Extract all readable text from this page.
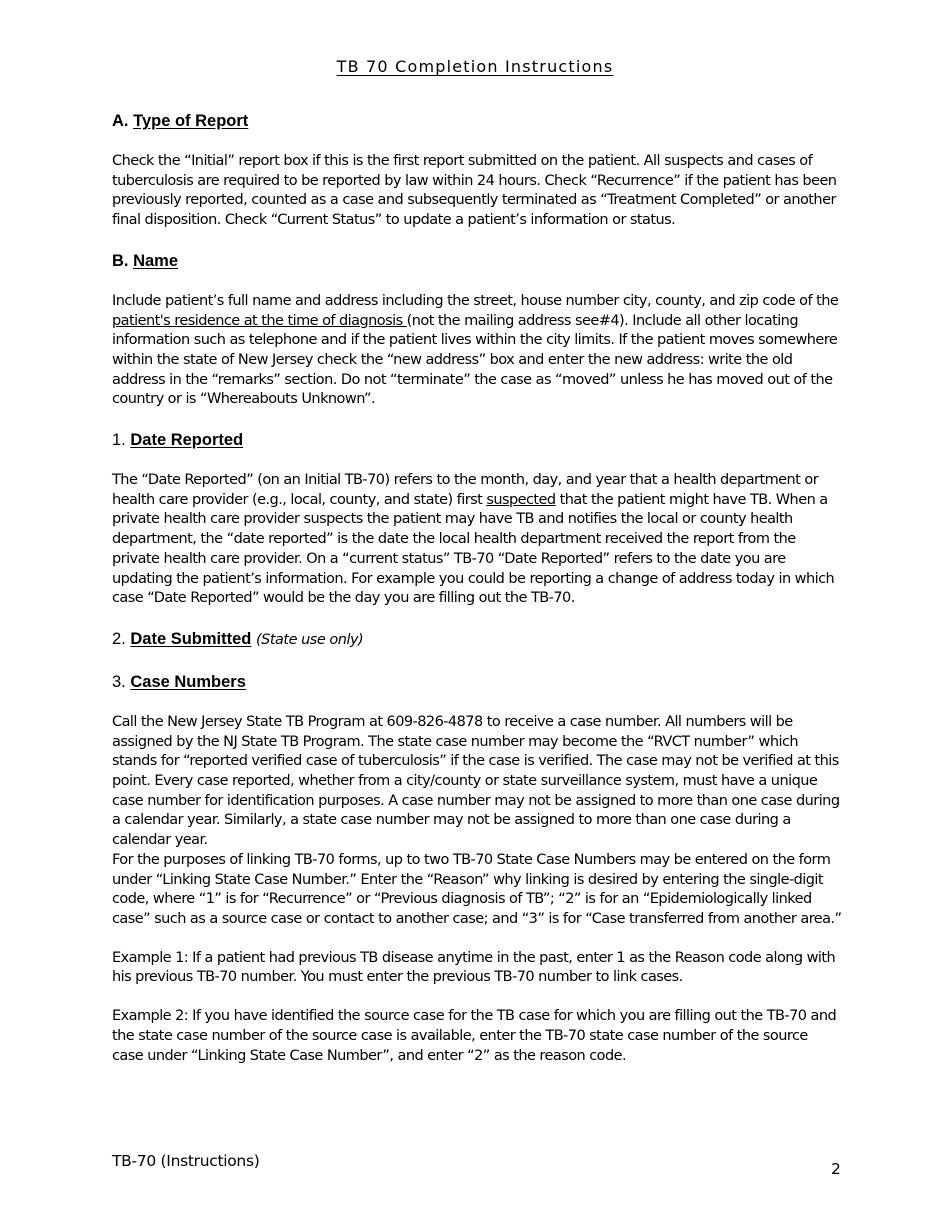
TB 70 Completion Instructions
A. Type of Report

Check the “Initial” report box if this is the first report submitted on the patient. All suspects and cases of tuberculosis are required to be reported by law within 24 hours. Check “Recurrence” if the patient has been previously reported, counted as a case and subsequently terminated as “Treatment Completed” or another final disposition. Check “Current Status” to update a patient’s information or status.

B. Name

Include patient’s full name and address including the street, house number city, county, and zip code of the patient's residence at the time of diagnosis (not the mailing address see#4). Include all other locating information such as telephone and if the patient lives within the city limits. If the patient moves somewhere within the state of New Jersey check the “new address” box and enter the new address: write the old address in the “remarks” section. Do not “terminate” the case as “moved” unless he has moved out of the country or is “Whereabouts Unknown”.

1. Date Reported

The “Date Reported” (on an Initial TB-70) refers to the month, day, and year that a health department or health care provider (e.g., local, county, and state) first suspected that the patient might have TB. When a private health care provider suspects the patient may have TB and notifies the local or county health department, the “date reported” is the date the local health department received the report from the private health care provider. On a “current status” TB-70 “Date Reported” refers to the date you are updating the patient’s information. For example you could be reporting a change of address today in which case “Date Reported” would be the day you are filling out the TB-70.

2. Date Submitted (State use only)
3. Case Numbers

Call the New Jersey State TB Program at 609-826-4878 to receive a case number. All numbers will be assigned by the NJ State TB Program. The state case number may become the “RVCT number” which stands for “reported verified case of tuberculosis” if the case is verified. The case may not be verified at this point. Every case reported, whether from a city/county or state surveillance system, must have a unique case number for identification purposes. A case number may not be assigned to more than one case during a calendar year. Similarly, a state case number may not be assigned to more than one case during a calendar year.

For the purposes of linking TB-70 forms, up to two TB-70 State Case Numbers may be entered on the form under “Linking State Case Number.” Enter the “Reason” why linking is desired by entering the single-digit code, where “1” is for “Recurrence” or “Previous diagnosis of TB”; “2” is for an “Epidemiologically linked case” such as a source case or contact to another case; and “3” is for “Case transferred from another area.”

Example 1: If a patient had previous TB disease anytime in the past, enter 1 as the Reason code along with his previous TB-70 number. You must enter the previous TB-70 number to link cases.

Example 2: If you have identified the source case for the TB case for which you are filling out the TB-70 and the state case number of the source case is available, enter the TB-70 state case number of the source case under “Linking State Case Number”, and enter “2” as the reason code.

TB-70 (Instructions)	2
